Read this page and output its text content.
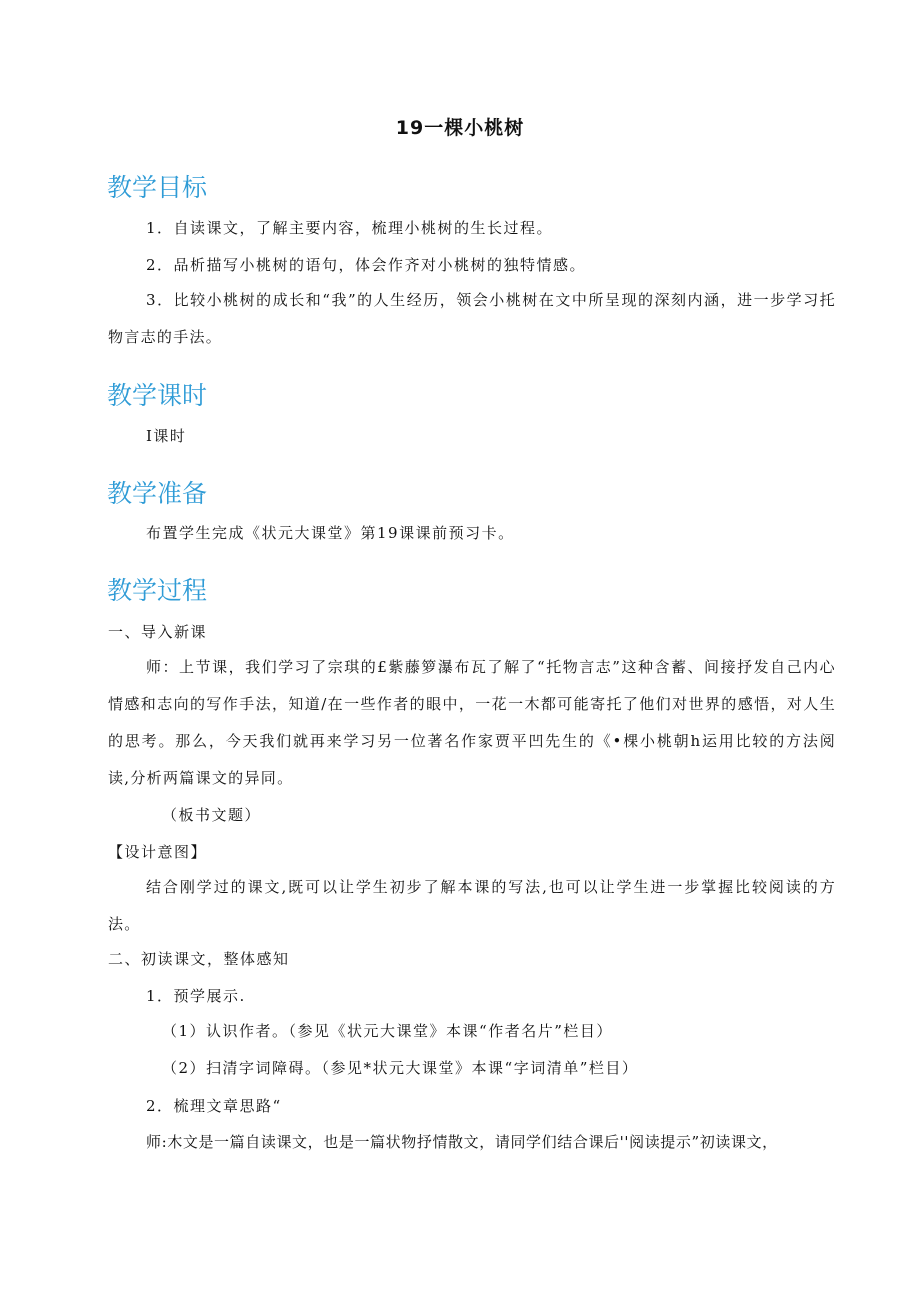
19一棵小桃树
教学目标
1．自读课文，了解主要内容，梳理小桃树的生长过程。
2．品析描写小桃树的语句，体会作齐对小桃树的独特情感。
3．比较小桃树的成长和“我”的人生经历，领会小桃树在文中所呈现的深刻内涵，进一步学习托物言志的手法。
教学课时
I课时
教学准备
布置学生完成《状元大课堂》第19课课前预习卡。
教学过程
一、导入新课
师：上节课，我们学习了宗琪的£紫藤箩瀑布瓦了解了“托物言志”这种含蓄、间接抒发自己内心情感和志向的写作手法，知道/在一些作者的眼中，一花一木都可能寄托了他们对世界的感悟，对人生的思考。那么，今天我们就再来学习另一位著名作家贾平凹先生的《•棵小桃朝h运用比较的方法阅读,分析两篇课文的异同。
（板书文题）
【设计意图】
结合刚学过的课文,既可以让学生初步了解本课的写法,也可以让学生进一步掌握比较阅读的方法。
二、初读课文，整体感知
1．预学展示.
（1）认识作者。（参见《状元大课堂》本课“作者名片”栏目）
（2）扫清字词障碍。（参见*状元大课堂》本课“字词清单”栏目）
2．梳理文章思路“
师:木文是一篇自读课文，也是一篇状物抒情散文，请同学们结合课后''阅读提示”初读课文，
